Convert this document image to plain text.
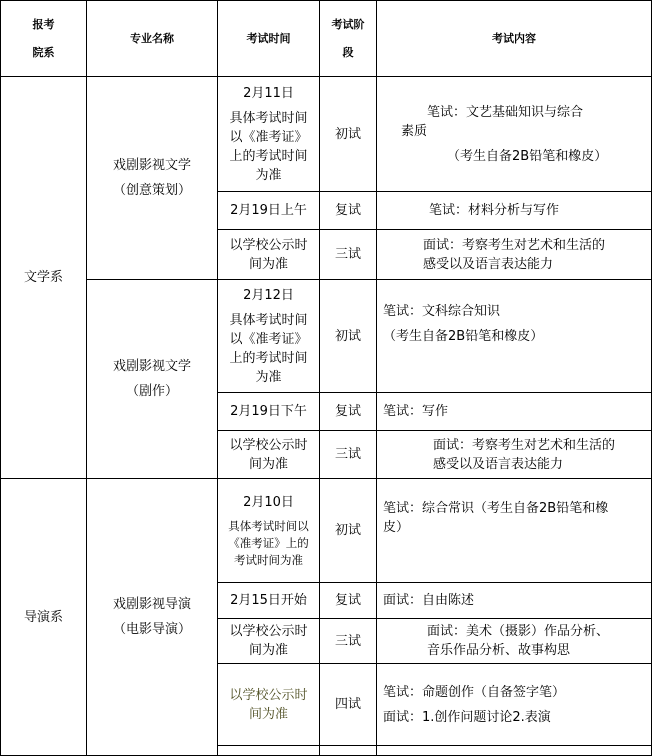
报考
院系	专业名称	考试时间	考试阶
段	考试内容
文学系	戏剧影视文学
（创意策划）	2月11日
具体考试时间
以《准考证》
上的考试时间
为准	初试	笔试：文艺基础知识与综合
素质
（考生自备2B铅笔和橡皮）

		2月19日上午	复试	笔试：材料分析与写作

		以学校公示时
间为准	三试	面试：考察考生对艺术和生活的
感受以及语言表达能力

	戏剧影视文学
（剧作）	2月12日
具体考试时间
以《准考证》
上的考试时间
为准	初试	笔试：文科综合知识
（考生自备2B铅笔和橡皮）

		2月19日下午	复试	笔试：写作

		以学校公示时
间为准	三试	面试：考察考生对艺术和生活的
感受以及语言表达能力

导演系	戏剧影视导演
（电影导演）	2月10日
具体考试时间以
《准考证》上的
考试时间为准	初试	笔试：综合常识（考生自备2B铅笔和橡
皮）

		2月15日开始	复试	面试：自由陈述

		以学校公示时
间为准	三试	面试：美术（摄影）作品分析、
音乐作品分析、故事构思

		以学校公示时
间为准	四试	笔试：命题创作（自备签字笔）
面试：1.创作问题讨论2.表演
